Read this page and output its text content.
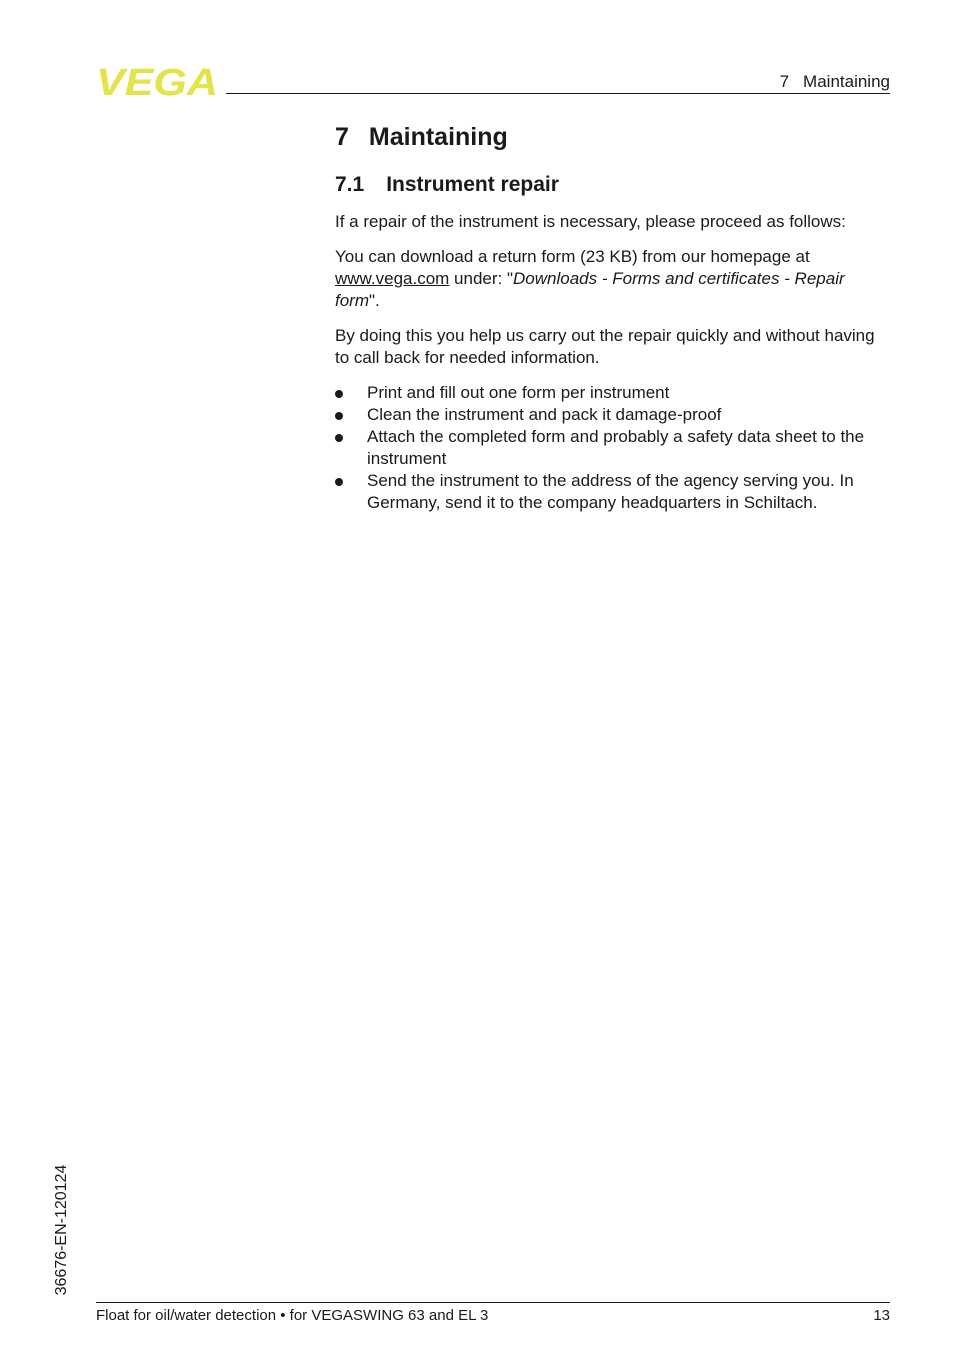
VEGA	7 Maintaining
7 Maintaining
7.1 Instrument repair

If a repair of the instrument is necessary, please proceed as follows:

You can download a return form (23 KB) from our homepage at www.vega.com under: "Downloads - Forms and certificates - Repair form".

By doing this you help us carry out the repair quickly and without having to call back for needed information.

Print and fill out one form per instrument
Clean the instrument and pack it damage-proof
Attach the completed form and probably a safety data sheet to the instrument
Send the instrument to the address of the agency serving you. In Germany, send it to the company headquarters in Schiltach.
36676-EN-120124
Float for oil/water detection • for VEGASWING 63 and EL 3	13
